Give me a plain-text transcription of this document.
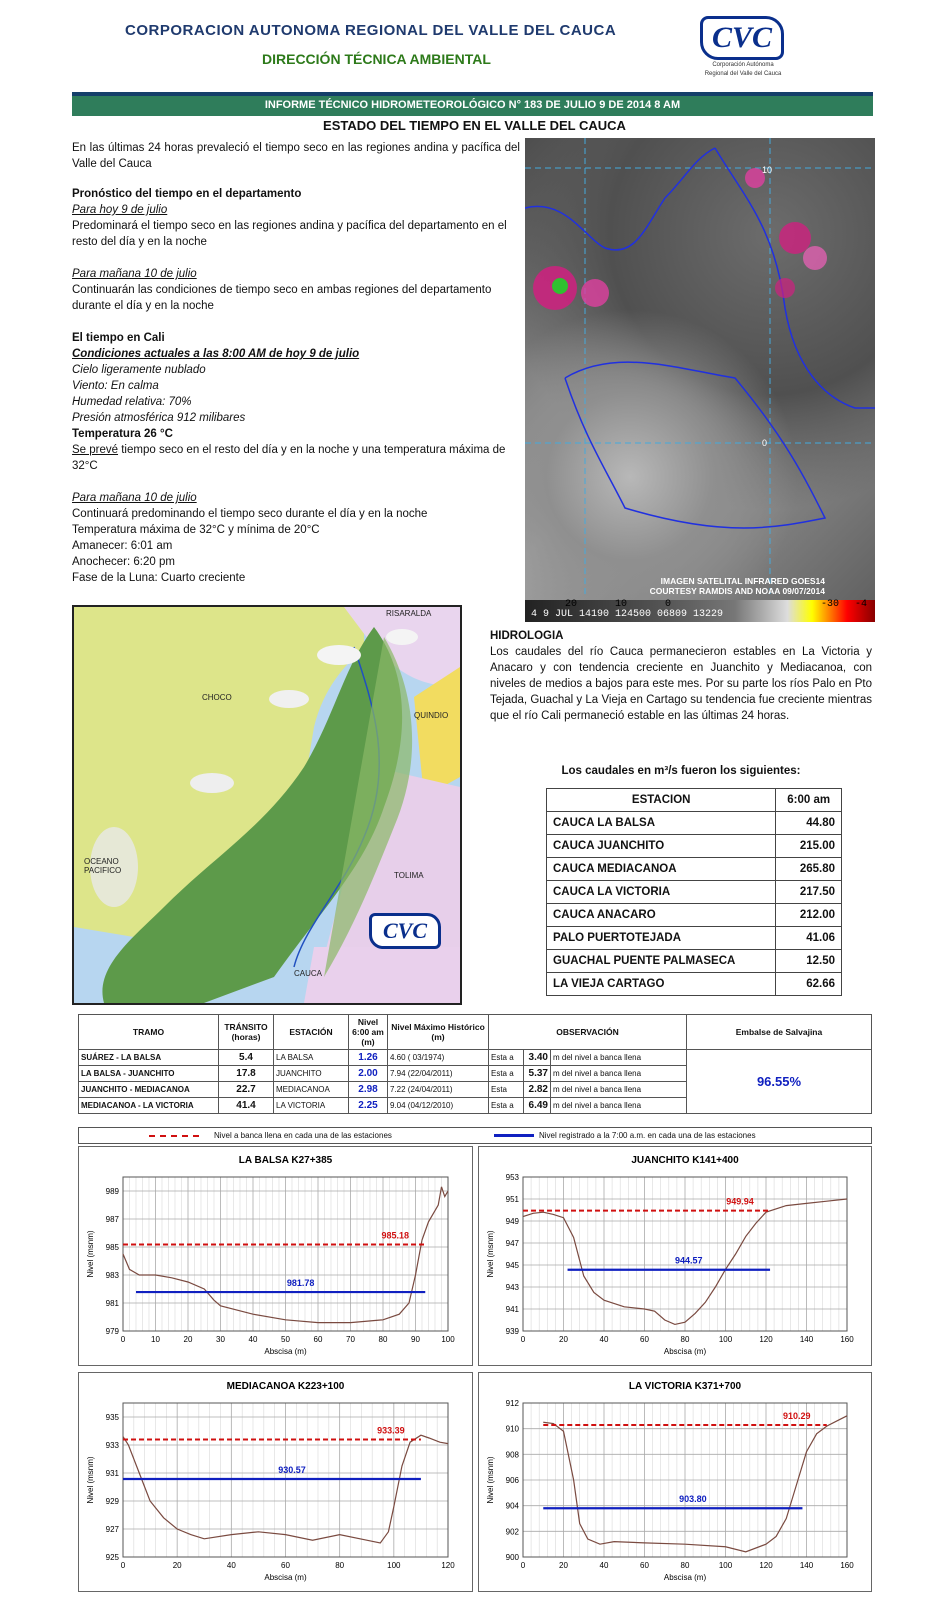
CORPORACION AUTONOMA REGIONAL DEL VALLE DEL CAUCA
DIRECCIÓN TÉCNICA AMBIENTAL
CVC
Corporación Autónoma
Regional del Valle del Cauca
INFORME TÉCNICO HIDROMETEOROLÓGICO N° 183 DE JULIO 9 DE 2014 8 AM
ESTADO DEL TIEMPO EN EL VALLE DEL CAUCA

En las últimas 24 horas prevaleció el tiempo seco en las regiones andina y pacífica del Valle del Cauca

Pronóstico del tiempo en el departamento

Para hoy 9 de julio

Predominará el tiempo seco en las regiones andina y pacífica del departamento en el resto del día y en la noche

Para mañana 10 de julio

Continuarán las condiciones de tiempo seco en ambas regiones del departamento durante el día y en la noche

El tiempo en Cali

Condiciones actuales a las 8:00 AM de hoy 9 de julio

Cielo ligeramente nublado

Viento: En calma

Humedad relativa: 70%

Presión atmosférica 912 milibares

Temperatura 26 °C

Se prevé tiempo seco en el resto del día y en la noche y una temperatura máxima de 32°C

Para mañana 10 de julio

Continuará predominando el tiempo seco durante el día y en la noche

Temperatura máxima de 32°C y mínima de 20°C

Amanecer: 6:01 am

Anochecer: 6:20 pm

Fase de la Luna: Cuarto creciente

10
0
IMAGEN SATELITAL INFRARED GOES14
COURTESY RAMDIS AND NOAA 09/07/2014
20	10	0	-30 -4
4 9 JUL 14190 124500 06809 13229
RISARALDA
CHOCO
QUINDIO
OCEANO PACIFICO
TOLIMA
CAUCA
CVC
HIDROLOGIA
Los caudales del río Cauca permanecieron estables en La Victoria y Anacaro y con tendencia creciente en Juanchito y Mediacanoa, con niveles de medios a bajos para este mes. Por su parte los ríos Palo en Pto Tejada, Guachal y La Vieja en Cartago su tendencia fue creciente mientras que el río Cali permaneció estable en las últimas 24 horas.
Los caudales en m³/s fueron los siguientes:
ESTACION	6:00 am
CAUCA LA BALSA	44.80
CAUCA JUANCHITO	215.00
CAUCA MEDIACANOA	265.80
CAUCA LA VICTORIA	217.50
CAUCA ANACARO	212.00
PALO PUERTOTEJADA	41.06
GUACHAL PUENTE PALMASECA	12.50
LA VIEJA CARTAGO	62.66
TRAMO	TRÁNSITO (horas)	ESTACIÓN	Nivel 6:00 am (m)	Nivel Máximo Histórico (m)	OBSERVACIÓN			Embalse de Salvajina
SUÁREZ - LA BALSA	5.4	LA BALSA	1.26	4.60 ( 03/1974)	Esta a	3.40	m del nivel a banca llena	96.55%
LA BALSA - JUANCHITO	17.8	JUANCHITO	2.00	7.94 (22/04/2011)	Esta a	5.37	m del nivel a banca llena	
JUANCHITO - MEDIACANOA	22.7	MEDIACANOA	2.98	7.22 (24/04/2011)	Esta	2.82	m del nivel a banca llena	
MEDIACANOA - LA VICTORIA	41.4	LA VICTORIA	2.25	9.04 (04/12/2010)	Esta a	6.49	m del nivel a banca llena	
Nivel a banca llena en cada una de las estaciones	Nivel registrado a la 7:00 a.m. en cada una de las estaciones
LA BALSA K27+385
0	10	20	30	40	50	60	70	80	90	100
979
981
983
985
987
989
Abscisa (m)
Nivel (msnm)	985.18
981.78
JUANCHITO K141+400
0	20	40	60	80	100	120	140	160
939
941
943
945
947
949
951
953
Abscisa (m)
Nivel (msnm)
949.94
944.57
MEDIACANOA K223+100
0	20	40	60	80	100	120
925
927
929
931
933
935
Abscisa (m)
Nivel (msnm)
933.39
930.57
LA VICTORIA K371+700
0	20	40	60	80	100	120	140	160
900
902
904
906
908
910
912
Abscisa (m)
Nivel (msnm)
910.29
903.80
